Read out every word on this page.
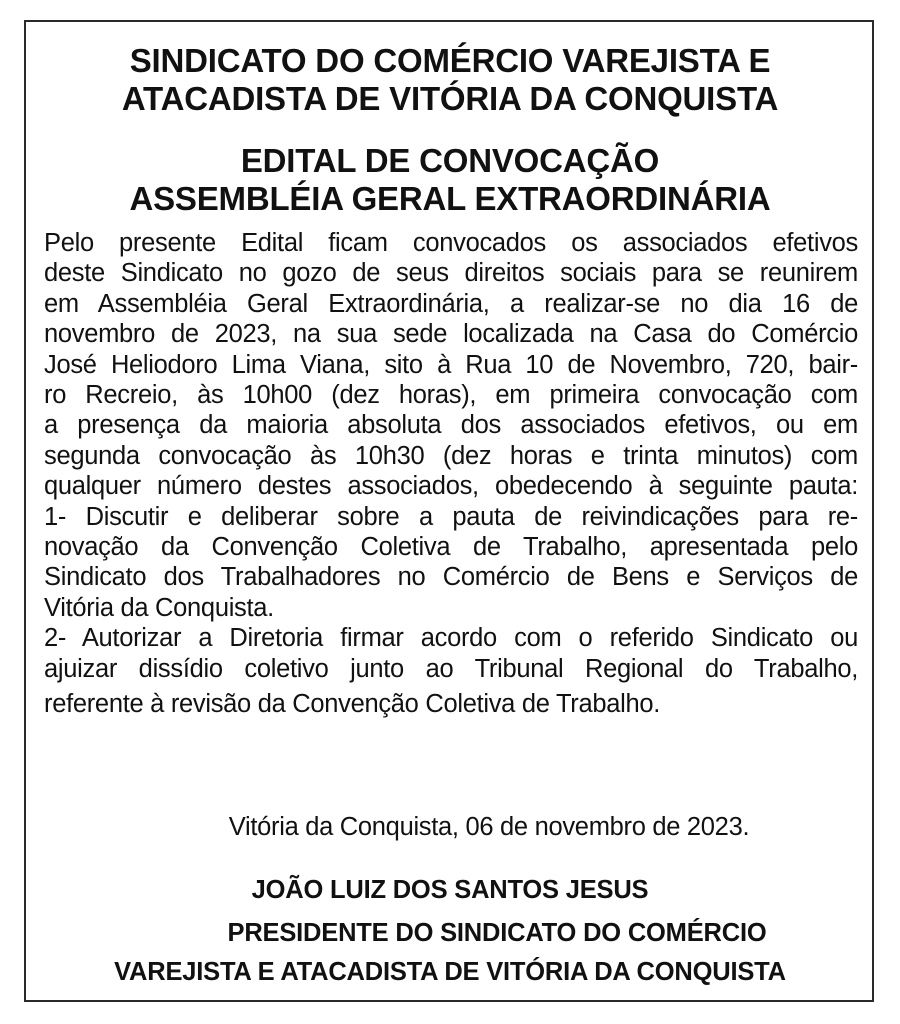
SINDICATO DO COMÉRCIO VAREJISTA E
ATACADISTA DE VITÓRIA DA CONQUISTA
EDITAL DE CONVOCAÇÃO
ASSEMBLÉIA GERAL EXTRAORDINÁRIA
Pelo presente Edital ficam convocados os associados efetivos
deste Sindicato no gozo de seus direitos sociais para se reunirem
em Assembléia Geral Extraordinária, a realizar-se no dia 16 de
novembro de 2023, na sua sede localizada na Casa do Comércio
José Heliodoro Lima Viana, sito à Rua 10 de Novembro, 720, bair-
ro Recreio, às 10h00 (dez horas), em primeira convocação com
a presença da maioria absoluta dos associados efetivos, ou em
segunda convocação às 10h30 (dez horas e trinta minutos) com
qualquer número destes associados, obedecendo à seguinte pauta:
1- Discutir e deliberar sobre a pauta de reivindicações para re-
novação da Convenção Coletiva de Trabalho, apresentada pelo
Sindicato dos Trabalhadores no Comércio de Bens e Serviços de
Vitória da Conquista.
2- Autorizar a Diretoria firmar acordo com o referido Sindicato ou
ajuizar dissídio coletivo junto ao Tribunal Regional do Trabalho,
referente à revisão da Convenção Coletiva de Trabalho.

Vitória da Conquista, 06 de novembro de 2023.

JOÃO LUIZ DOS SANTOS JESUS

PRESIDENTE DO SINDICATO DO COMÉRCIO

VAREJISTA E ATACADISTA DE VITÓRIA DA CONQUISTA
